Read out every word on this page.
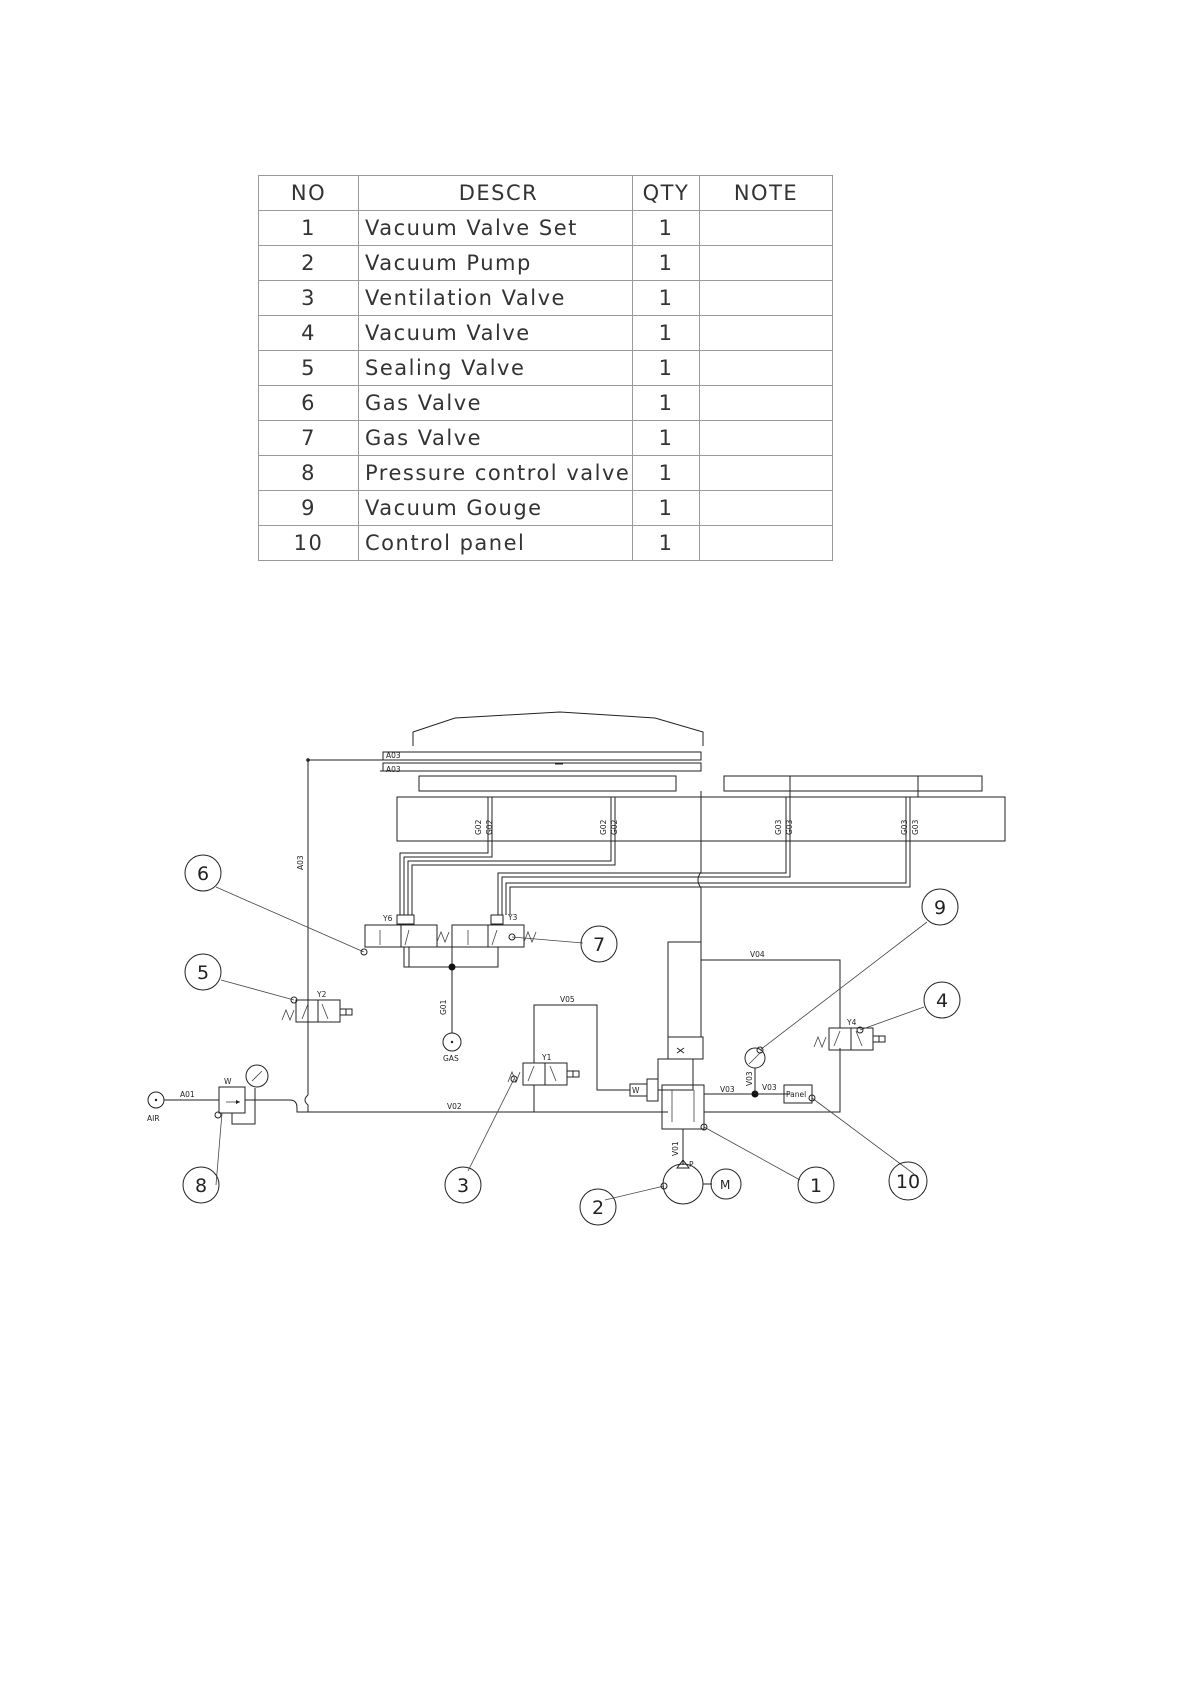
NO	DESCR	QTY	NOTE
1	Vacuum Valve Set	1	
2	Vacuum Pump	1	
3	Ventilation Valve	1	
4	Vacuum Valve	1	
5	Sealing Valve	1	
6	Gas Valve	1	
7	Gas Valve	1	
8	Pressure control valve	1	
9	Vacuum Gouge	1	
10	Control panel	1	
A03
A03
A03
G02 G02	G02 G02	G03 G03	G03 G03
Y6	Y3
G01
GAS
Y2
AIR
A01
W
V02
Y1
V05
W
V01
V03	V03
V03
Panel
V04
Y4
P
M
6
7
9
5
4
8	3
2
1	10
